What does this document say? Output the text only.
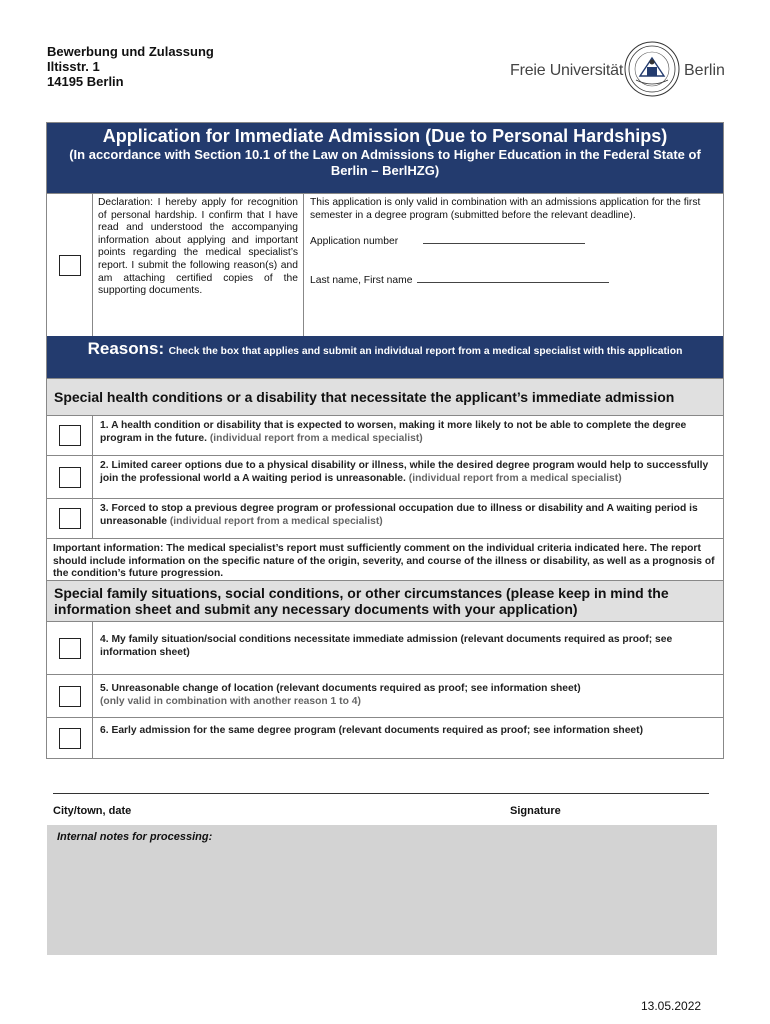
Bewerbung und Zulassung
Iltisstr. 1
14195 Berlin
Freie Universität	Berlin
Application for Immediate Admission (Due to Personal Hardships)
(In accordance with Section 10.1 of the Law on Admissions to Higher Education in the Federal State of Berlin – BerlHZG)
Declaration: I hereby apply for recognition of personal hardship. I confirm that I have read and understood the accompanying information about applying and important points regarding the medical specialist’s report. I submit the following reason(s) and am attaching certified copies of the supporting documents.
This application is only valid in combination with an admissions application for the first semester in a degree program (submitted before the relevant deadline).
Application number
Last name, First name
Reasons: Check the box that applies and submit an individual report from a medical specialist with this application
Special health conditions or a disability that necessitate the applicant’s immediate admission
1. A health condition or disability that is expected to worsen, making it more likely to not be able to complete the degree program in the future. (individual report from a medical specialist)
2. Limited career options due to a physical disability or illness, while the desired degree program would help to successfully join the professional world a A waiting period is unreasonable. (individual report from a medical specialist)
3. Forced to stop a previous degree program or professional occupation due to illness or disability and A waiting period is unreasonable (individual report from a medical specialist)
Important information: The medical specialist’s report must sufficiently comment on the individual criteria indicated here. The report should include information on the specific nature of the origin, severity, and course of the illness or disability, as well as a prognosis of the condition’s future progression.
Special family situations, social conditions, or other circumstances (please keep in mind the information sheet and submit any necessary documents with your application)
4. My family situation/social conditions necessitate immediate admission (relevant documents required as proof; see information sheet)
5. Unreasonable change of location (relevant documents required as proof; see information sheet)
(only valid in combination with another reason 1 to 4)
6. Early admission for the same degree program (relevant documents required as proof; see information sheet)
City/town, date	Signature
Internal notes for processing:
13.05.2022
